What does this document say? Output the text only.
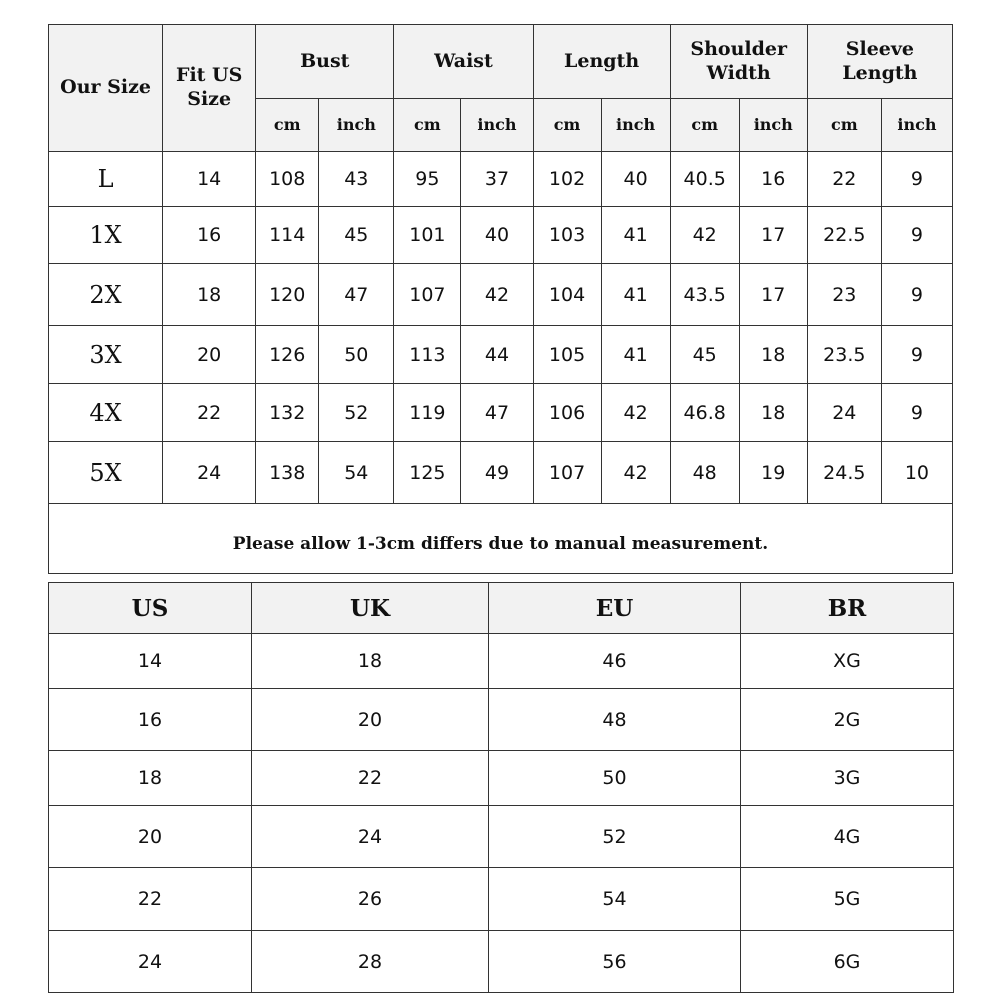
Our Size	Fit US Size	Bust		Waist		Length		Shoulder Width		Sleeve Length	
		cm	inch	cm	inch	cm	inch	cm	inch	cm	inch
L	14	108	43	95	37	102	40	40.5	16	22	9
1X	16	114	45	101	40	103	41	42	17	22.5	9
2X	18	120	47	107	42	104	41	43.5	17	23	9
3X	20	126	50	113	44	105	41	45	18	23.5	9
4X	22	132	52	119	47	106	42	46.8	18	24	9
5X	24	138	54	125	49	107	42	48	19	24.5	10
Please allow 1-3cm differs due to manual measurement.											
US	UK	EU	BR
14	18	46	XG
16	20	48	2G
18	22	50	3G
20	24	52	4G
22	26	54	5G
24	28	56	6G
